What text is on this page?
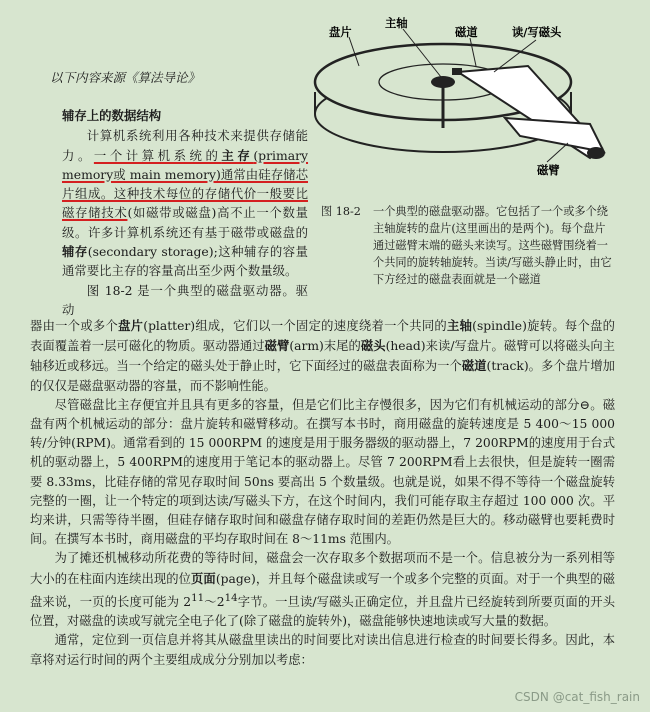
以下内容来源《算法导论》
辅存上的数据结构

计算机系统利用各种技术来提供存储能力。一个计算机系统的主存(primary memory或 main memory)通常由硅存储芯片组成。这种技术每位的存储代价一般要比磁存储技术(如磁带或磁盘)高不止一个数量级。许多计算机系统还有基于磁带或磁盘的辅存(secondary storage);这种辅存的容量通常要比主存的容量高出至少两个数量级。

图 18-2 是一个典型的磁盘驱动器。驱动

盘片
主轴
磁道	读/写磁头
磁臂
图 18-2	一个典型的磁盘驱动器。它包括了一个或多个绕主轴旋转的盘片(这里画出的是两个)。每个盘片通过磁臂末端的磁头来读写。这些磁臂围绕着一个共同的旋转轴旋转。当读/写磁头静止时，由它下方经过的磁盘表面就是一个磁道

器由一个或多个盘片(platter)组成，它们以一个固定的速度绕着一个共同的主轴(spindle)旋转。每个盘的表面覆盖着一层可磁化的物质。驱动器通过磁臂(arm)末尾的磁头(head)来读/写盘片。磁臂可以将磁头向主轴移近或移远。当一个给定的磁头处于静止时，它下面经过的磁盘表面称为一个磁道(track)。多个盘片增加的仅仅是磁盘驱动器的容量，而不影响性能。

尽管磁盘比主存便宜并且具有更多的容量，但是它们比主存慢很多，因为它们有机械运动的部分⊖。磁盘有两个机械运动的部分：盘片旋转和磁臂移动。在撰写本书时，商用磁盘的旋转速度是 5 400～15 000 转/分钟(RPM)。通常看到的 15 000RPM 的速度是用于服务器级的驱动器上，7 200RPM的速度用于台式机的驱动器上，5 400RPM的速度用于笔记本的驱动器上。尽管 7 200RPM看上去很快，但是旋转一圈需要 8.33ms，比硅存储的常见存取时间 50ns 要高出 5 个数量级。也就是说，如果不得不等待一个磁盘旋转完整的一圈，让一个特定的项到达读/写磁头下方，在这个时间内，我们可能存取主存超过 100 000 次。平均来讲，只需等待半圈，但硅存储存取时间和磁盘存储存取时间的差距仍然是巨大的。移动磁臂也要耗费时间。在撰写本书时，商用磁盘的平均存取时间在 8～11ms 范围内。

为了摊还机械移动所花费的等待时间，磁盘会一次存取多个数据项而不是一个。信息被分为一系列相等大小的在柱面内连续出现的位页面(page)，并且每个磁盘读或写一个或多个完整的页面。对于一个典型的磁盘来说，一页的长度可能为 $2^{11}\sim 2^{14}$字节。一旦读/写磁头正确定位，并且盘片已经旋转到所要页面的开头位置，对磁盘的读或写就完全电子化了(除了磁盘的旋转外)，磁盘能够快速地读或写大量的数据。

通常，定位到一页信息并将其从磁盘里读出的时间要比对读出信息进行检查的时间要长得多。因此，本章将对运行时间的两个主要组成成分分别加以考虑：

CSDN @cat_fish_rain
